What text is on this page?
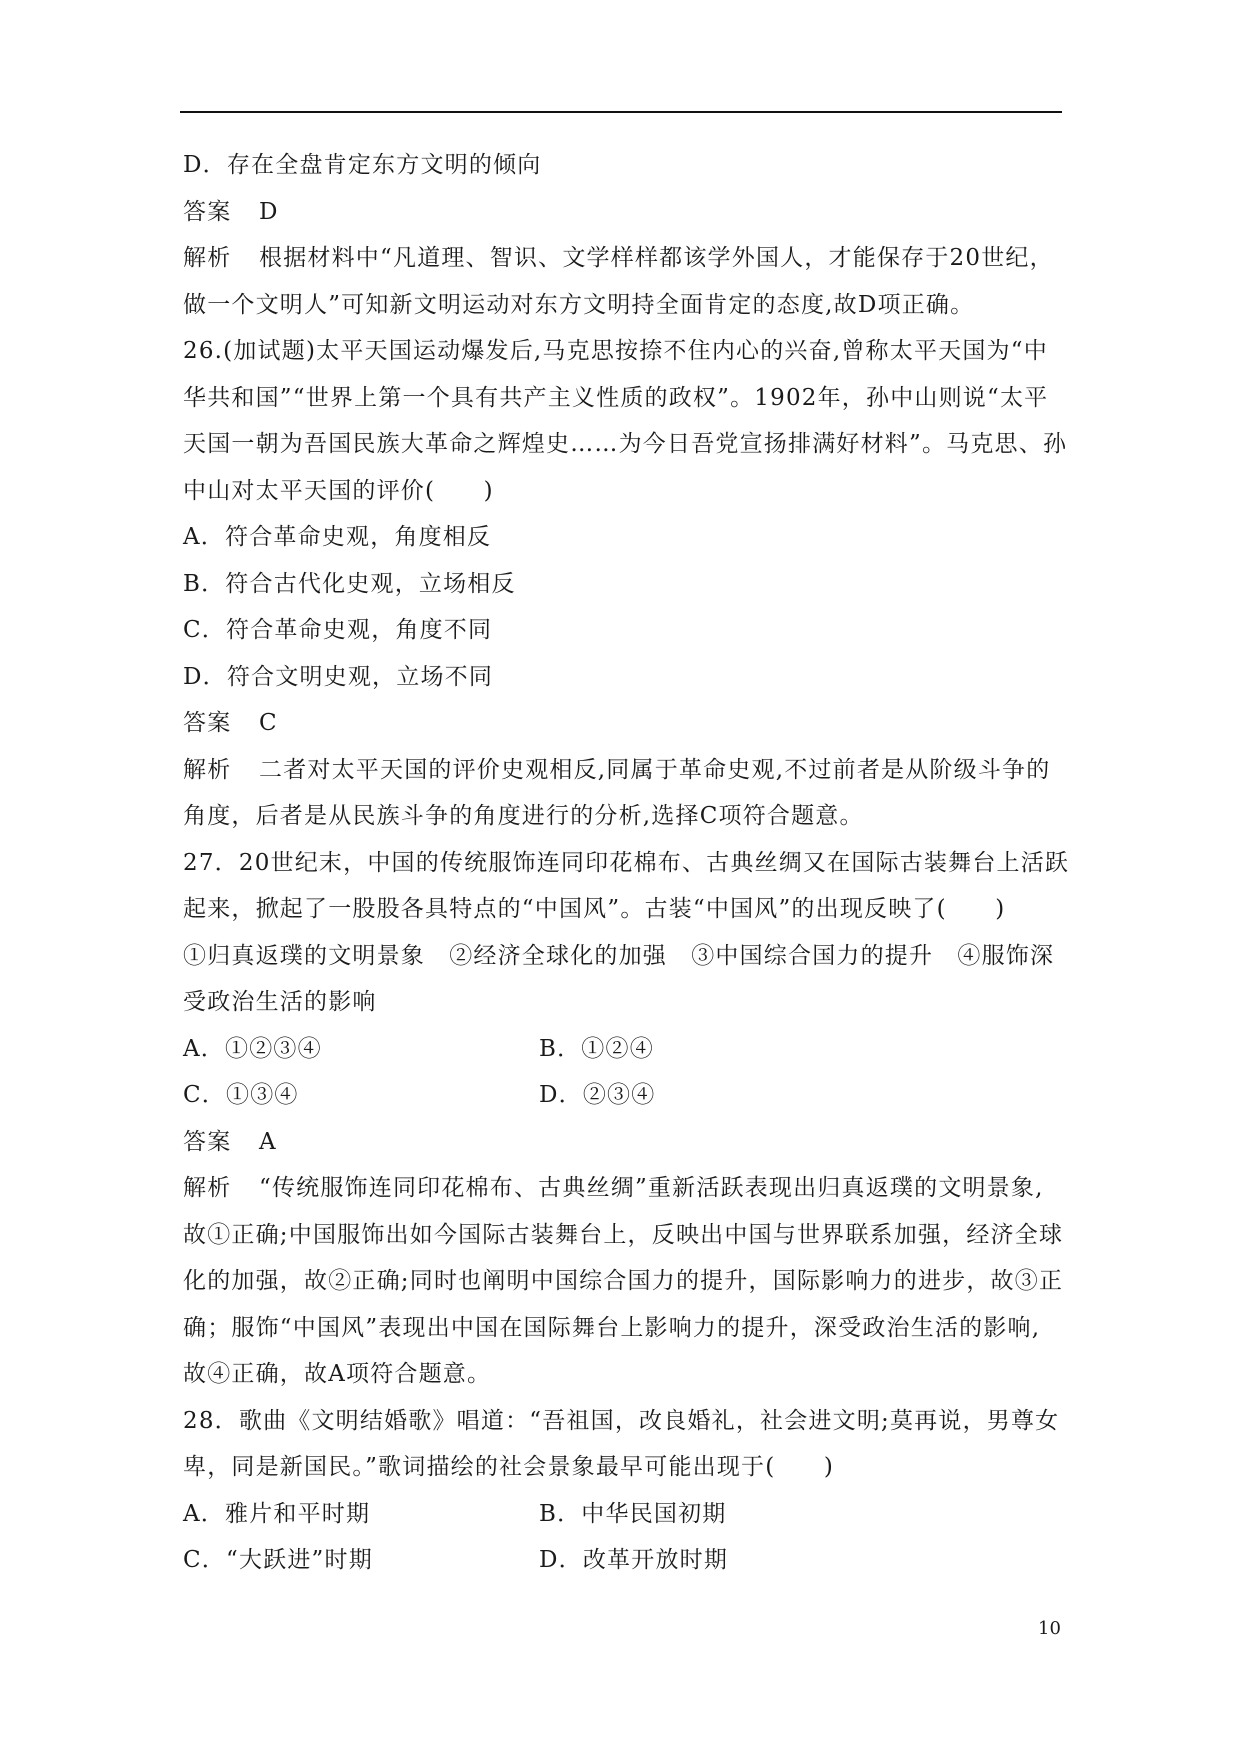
D．存在全盘肯定东方文明的倾向
答案 D
解析 根据材料中“凡道理、智识、文学样样都该学外国人，才能保存于20世纪，
做一个文明人”可知新文明运动对东方文明持全面肯定的态度,故D项正确。
26.(加试题)太平天国运动爆发后,马克思按捺不住内心的兴奋,曾称太平天国为“中
华共和国”“世界上第一个具有共产主义性质的政权”。1902年，孙中山则说“太平
天国一朝为吾国民族大革命之辉煌史……为今日吾党宣扬排满好材料”。马克思、孙
中山对太平天国的评价(　　)
A．符合革命史观，角度相反
B．符合古代化史观，立场相反
C．符合革命史观，角度不同
D．符合文明史观，立场不同
答案 C
解析 二者对太平天国的评价史观相反,同属于革命史观,不过前者是从阶级斗争的
角度，后者是从民族斗争的角度进行的分析,选择C项符合题意。
27．20世纪末，中国的传统服饰连同印花棉布、古典丝绸又在国际古装舞台上活跃
起来，掀起了一股股各具特点的“中国风”。古装“中国风”的出现反映了(　　)
①归真返璞的文明景象　②经济全球化的加强　③中国综合国力的提升　④服饰深
受政治生活的影响
A．①②③④	B．①②④
C．①③④	D．②③④
答案 A
解析 “传统服饰连同印花棉布、古典丝绸”重新活跃表现出归真返璞的文明景象,
故①正确;中国服饰出如今国际古装舞台上，反映出中国与世界联系加强，经济全球
化的加强，故②正确;同时也阐明中国综合国力的提升，国际影响力的进步，故③正
确；服饰“中国风”表现出中国在国际舞台上影响力的提升，深受政治生活的影响,
故④正确，故A项符合题意。
28．歌曲《文明结婚歌》唱道：“吾祖国，改良婚礼，社会进文明;莫再说，男尊女
卑，同是新国民。”歌词描绘的社会景象最早可能出现于(　　)
A．雅片和平时期	B．中华民国初期
C．“大跃进”时期	D．改革开放时期
10
